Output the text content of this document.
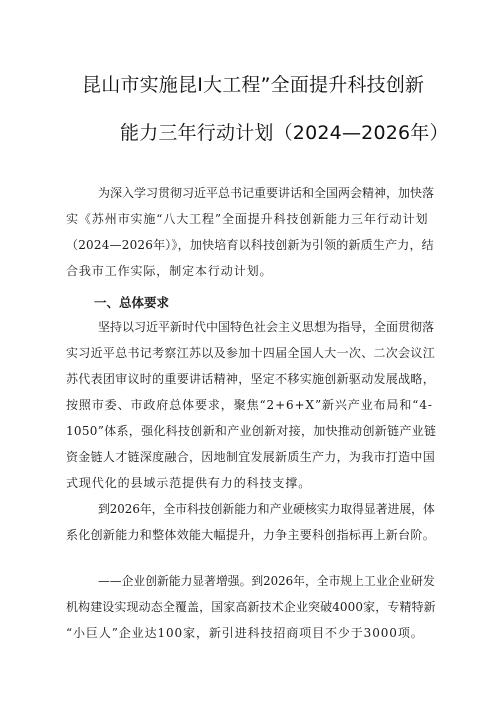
昆山市实施昆I大工程”全面提升科技创新
能力三年行动计划（2024—2026年）
为深入学习贯彻习近平总书记重要讲话和全国两会精神，加快落
实《苏州市实施“八大工程”全面提升科技创新能力三年行动计划
（2024—2026年）》，加快培育以科技创新为引领的新质生产力，结
合我市工作实际，制定本行动计划。
一、总体要求
坚持以习近平新时代中国特色社会主义思想为指导，全面贯彻落
实习近平总书记考察江苏以及参加十四届全国人大一次、二次会议江
苏代表团审议时的重要讲话精神，坚定不移实施创新驱动发展战略，
按照市委、市政府总体要求，聚焦“2+6+X”新兴产业布局和“4-
1050”体系，强化科技创新和产业创新对接，加快推动创新链产业链
资金链人才链深度融合，因地制宜发展新质生产力，为我市打造中国
式现代化的县域示范提供有力的科技支撑。
到2026年，全市科技创新能力和产业硬核实力取得显著进展，体
系化创新能力和整体效能大幅提升，力争主要科创指标再上新台阶。
——企业创新能力显著增强。到2026年，全市规上工业企业研发
机构建设实现动态全覆盖，国家高新技术企业突破4000家，专精特新
“小巨人”企业达100家，新引进科技招商项目不少于3000项。
